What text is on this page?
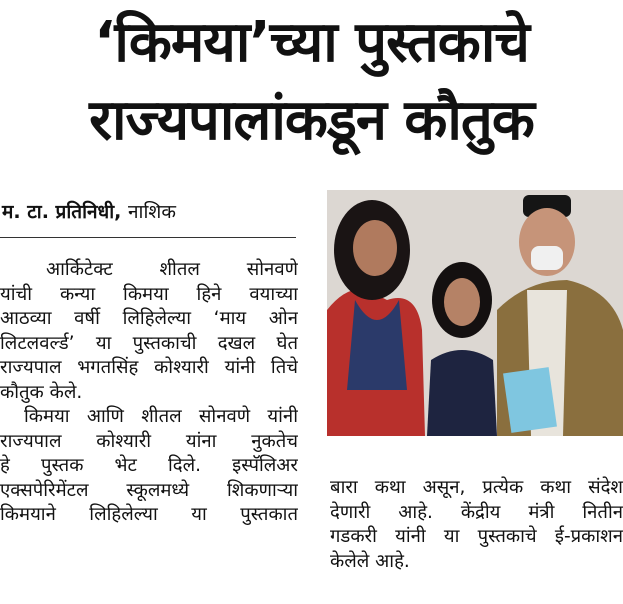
‘किमया’च्या पुस्तकाचे
राज्यपालांकडून कौतुक
म. टा. प्रतिनिधी, नाशिक
आर्किटेक्ट शीतल सोनवणे
यांची कन्या किमया हिने वयाच्या
आठव्या वर्षी लिहिलेल्या ‘माय ओन
लिटलवर्ल्ड’ या पुस्तकाची दखल घेत
राज्यपाल भगतसिंह कोश्यारी यांनी तिचे
कौतुक केले.
किमया आणि शीतल सोनवणे यांनी
राज्यपाल कोश्यारी यांना नुकतेच
हे पुस्तक भेट दिले. इस्पॅलिअर
एक्सपेरिमेंटल स्कूलमध्ये शिकणाऱ्या
किमयाने लिहिलेल्या या पुस्तकात
बारा कथा असून, प्रत्येक कथा संदेश
देणारी आहे. केंद्रीय मंत्री नितीन
गडकरी यांनी या पुस्तकाचे ई-प्रकाशन
केलेले आहे.
